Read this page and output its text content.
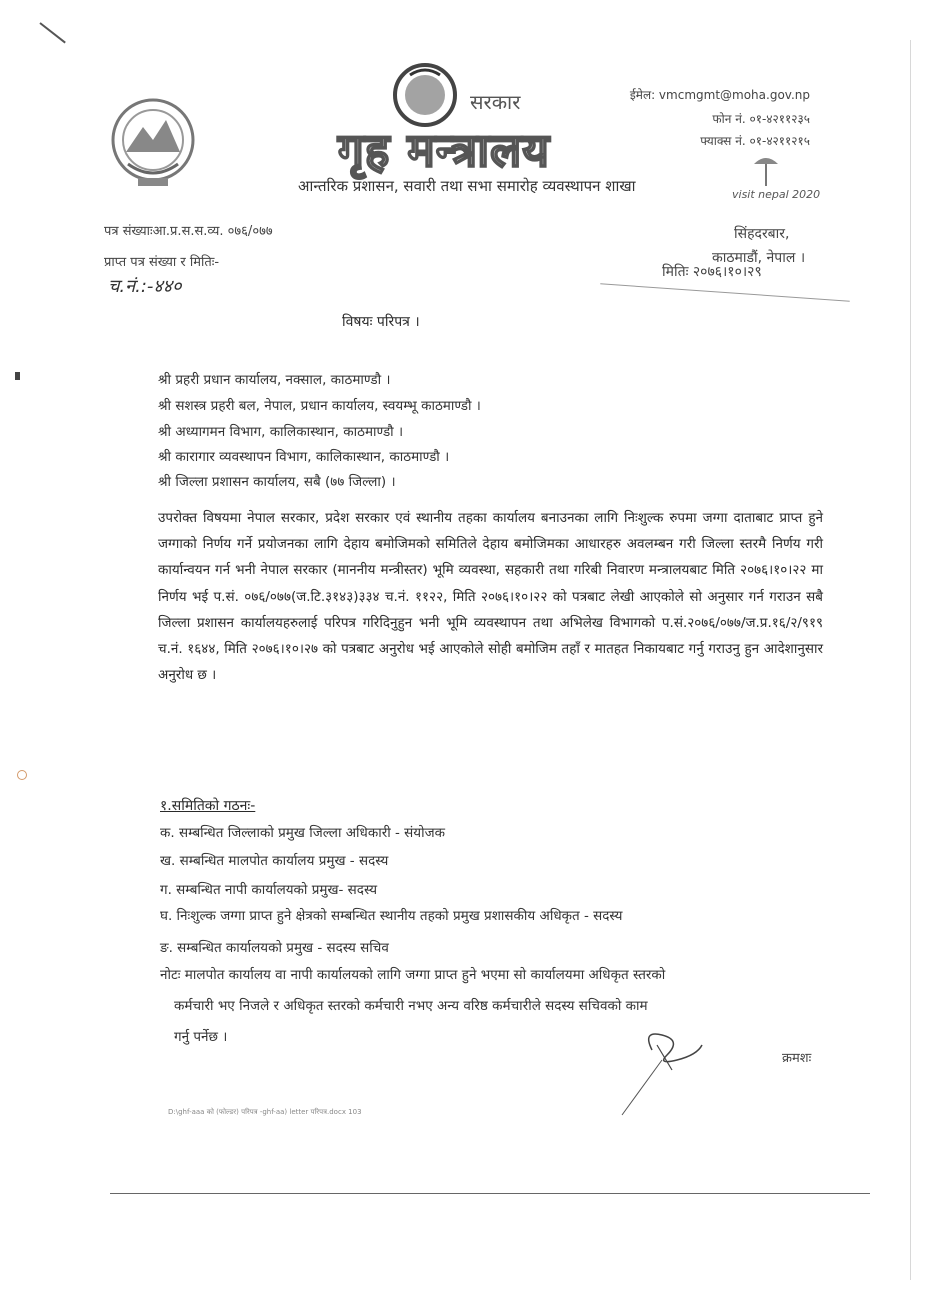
सरकार
गृह मन्त्रालय
आन्तरिक प्रशासन, सवारी तथा सभा समारोह व्यवस्थापन शाखा
ईमेल: vmcmgmt@moha.gov.np
फोन नं. ०१-४२११२३५
फ्याक्स नं. ०१-४२११२१५
visit nepal 2020
सिंहदरबार,
काठमाडौं, नेपाल ।
पत्र संख्याःआ.प्र.स.स.व्य. ०७६/०७७
प्राप्त पत्र संख्या र मितिः-
च.नं.:-४४०
मितिः २०७६।१०।२९
विषयः परिपत्र ।
श्री प्रहरी प्रधान कार्यालय, नक्साल, काठमाण्डौ ।
श्री सशस्त्र प्रहरी बल, नेपाल, प्रधान कार्यालय, स्वयम्भू काठमाण्डौ ।
श्री अध्यागमन विभाग, कालिकास्थान, काठमाण्डौ ।
श्री कारागार व्यवस्थापन विभाग, कालिकास्थान, काठमाण्डौ ।
श्री जिल्ला प्रशासन कार्यालय, सबै (७७ जिल्ला) ।
उपरोक्त विषयमा नेपाल सरकार, प्रदेश सरकार एवं स्थानीय तहका कार्यालय बनाउनका लागि निःशुल्क रुपमा जग्गा दाताबाट प्राप्त हुने जग्गाको निर्णय गर्ने प्रयोजनका लागि देहाय बमोजिमको समितिले देहाय बमोजिमका आधारहरु अवलम्बन गरी जिल्ला स्तरमै निर्णय गरी कार्यान्वयन गर्न भनी नेपाल सरकार (माननीय मन्त्रीस्तर) भूमि व्यवस्था, सहकारी तथा गरिबी निवारण मन्त्रालयबाट मिति २०७६।१०।२२ मा निर्णय भई प.सं. ०७६/०७७(ज.टि.३१४३)३३४ च.नं. ११२२, मिति २०७६।१०।२२ को पत्रबाट लेखी आएकोले सो अनुसार गर्न गराउन सबै जिल्ला प्रशासन कार्यालयहरुलाई परिपत्र गरिदिनुहुन भनी भूमि व्यवस्थापन तथा अभिलेख विभागको प.सं.२०७६/०७७/ज.प्र.१६/२/९१९ च.नं. १६४४, मिति २०७६।१०।२७ को पत्रबाट अनुरोध भई आएकोले सोही बमोजिम तहाँ र मातहत निकायबाट गर्नु गराउनु हुन आदेशानुसार अनुरोध छ ।
१.समितिको गठनः-
क. सम्बन्धित जिल्लाको प्रमुख जिल्ला अधिकारी - संयोजक
ख. सम्बन्धित मालपोत कार्यालय प्रमुख - सदस्य
ग. सम्बन्धित नापी कार्यालयको प्रमुख- सदस्य
घ. निःशुल्क जग्गा प्राप्त हुने क्षेत्रको सम्बन्धित स्थानीय तहको प्रमुख प्रशासकीय अधिकृत - सदस्य
ङ. सम्बन्धित कार्यालयको प्रमुख - सदस्य सचिव
नोटः मालपोत कार्यालय वा नापी कार्यालयको लागि जग्गा प्राप्त हुने भएमा सो कार्यालयमा अधिकृत स्तरको
कर्मचारी भए निजले र अधिकृत स्तरको कर्मचारी नभए अन्य वरिष्ठ कर्मचारीले सदस्य सचिवको काम
गर्नु पर्नेछ ।
क्रमशः
D:\ghf-aaa को (फोल्डर) परिपत्र -ghf-aa) letter परिपत्र.docx 103
